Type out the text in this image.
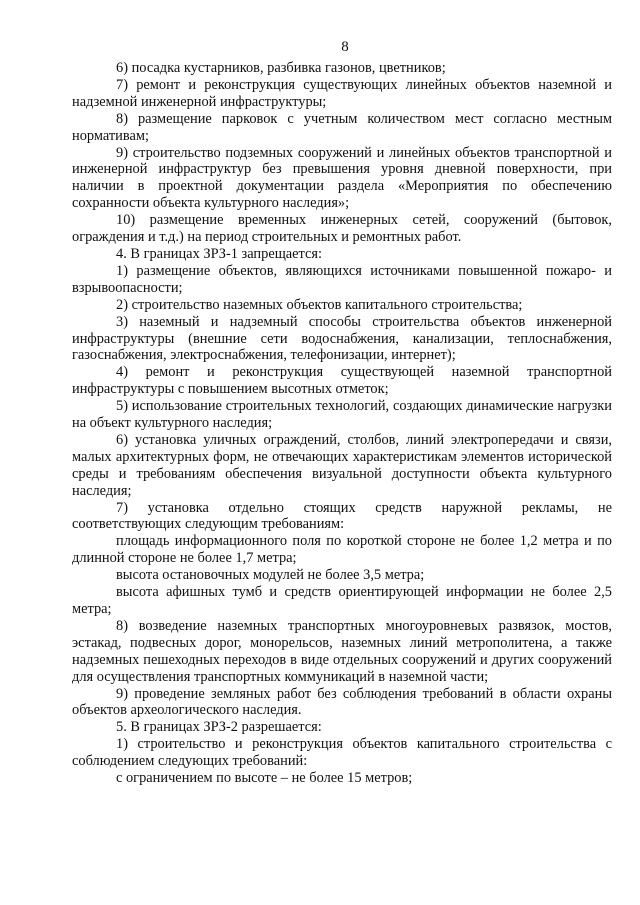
8

6) посадка кустарников, разбивка газонов, цветников;

7) ремонт и реконструкция существующих линейных объектов наземной и надземной инженерной инфраструктуры;

8) размещение парковок с учетным количеством мест согласно местным нормативам;

9) строительство подземных сооружений и линейных объектов транспортной и инженерной инфраструктур без превышения уровня дневной поверхности, при наличии в проектной документации раздела «Мероприятия по обеспечению сохранности объекта культурного наследия»;

10) размещение временных инженерных сетей, сооружений (бытовок, ограждения и т.д.) на период строительных и ремонтных работ.

4. В границах ЗРЗ-1 запрещается:

1) размещение объектов, являющихся источниками повышенной пожаро- и взрывоопасности;

2) строительство наземных объектов капитального строительства;

3) наземный и надземный способы строительства объектов инженерной инфраструктуры (внешние сети водоснабжения, канализации, теплоснабжения, газоснабжения, электроснабжения, телефонизации, интернет);

4) ремонт и реконструкция существующей наземной транспортной инфраструктуры с повышением высотных отметок;

5) использование строительных технологий, создающих динамические нагрузки на объект культурного наследия;

6) установка уличных ограждений, столбов, линий электропередачи и связи, малых архитектурных форм, не отвечающих характеристикам элементов исторической среды и требованиям обеспечения визуальной доступности объекта культурного наследия;

7) установка отдельно стоящих средств наружной рекламы, не соответствующих следующим требованиям:

площадь информационного поля по короткой стороне не более 1,2 метра и по длинной стороне не более 1,7 метра;

высота остановочных модулей не более 3,5 метра;

высота афишных тумб и средств ориентирующей информации не более 2,5 метра;

8) возведение наземных транспортных многоуровневых развязок, мостов, эстакад, подвесных дорог, монорельсов, наземных линий метрополитена, а также надземных пешеходных переходов в виде отдельных сооружений и других сооружений для осуществления транспортных коммуникаций в наземной части;

9) проведение земляных работ без соблюдения требований в области охраны объектов археологического наследия.

5. В границах ЗРЗ-2 разрешается:

1) строительство и реконструкция объектов капитального строительства с соблюдением следующих требований:

с ограничением по высоте – не более 15 метров;
